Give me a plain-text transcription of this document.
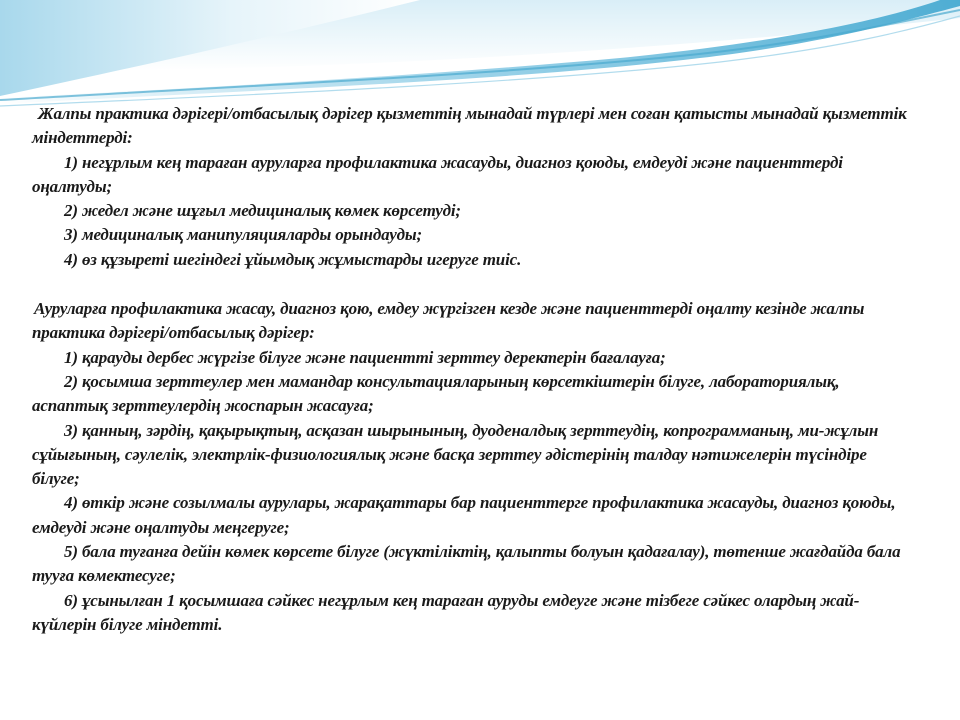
Жалпы практика дәрігері/отбасылық дәрігер қызметтің мынадай түрлері мен соған қатысты мынадай қызметтік міндеттерді:

1) негұрлым кең тараған ауруларға профилактика жасауды, диагноз қоюды, емдеуді және пациенттерді оңалтуды;

2) жедел және шұғыл медициналық көмек көрсетуді;

3) медициналық манипуляцияларды орындауды;

4) өз құзыреті шегіндегі ұйымдық жұмыстарды игеруге тиіс.

Ауруларға профилактика жасау, диагноз қою, емдеу жүргізген кезде және пациенттерді оңалту кезінде жалпы практика дәрігері/отбасылық дәрігер:

1) қарауды дербес жүргізе білуге және пациентті зерттеу деректерін бағалауға;

2) қосымша зерттеулер мен мамандар консультацияларының көрсеткіштерін білуге, лабораториялық, аспаптық зерттеулердің жоспарын жасауға;

3) қанның, зәрдің, қақырықтың, асқазан шырынының, дуоденалдық зерттеудің, копрограмманың, ми-жұлын сұйығының, сәулелік, электрлік-физиологиялық және басқа зерттеу әдістерінің талдау нәтижелерін түсіндіре білуге;

4) өткір және созылмалы аурулары, жарақаттары бар пациенттерге профилактика жасауды, диагноз қоюды, емдеуді және оңалтуды меңгеруге;

5) бала туғанға дейін көмек көрсете білуге (жүктіліктің, қалыпты болуын қадағалау), төтенше жағдайда бала тууға көмектесуге;

6) ұсынылған 1 қосымшаға сәйкес негұрлым кең тараған ауруды емдеуге және тізбеге сәйкес олардың жай-күйлерін білуге міндетті.
